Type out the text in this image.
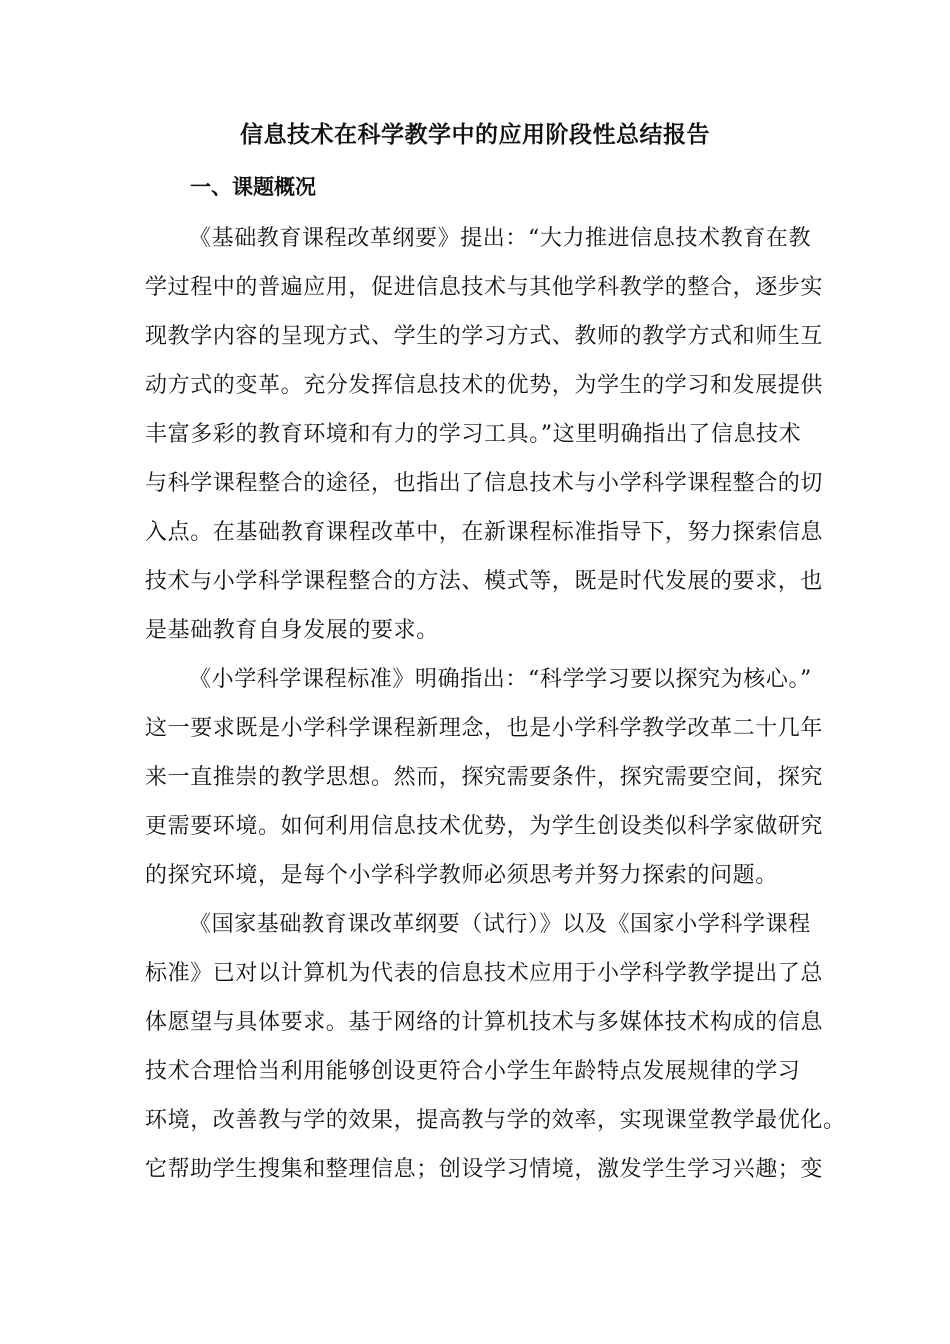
信息技术在科学教学中的应用阶段性总结报告
一、课题概况
《基础教育课程改革纲要》提出：“大力推进信息技术教育在教
学过程中的普遍应用，促进信息技术与其他学科教学的整合，逐步实
现教学内容的呈现方式、学生的学习方式、教师的教学方式和师生互
动方式的变革。充分发挥信息技术的优势，为学生的学习和发展提供
丰富多彩的教育环境和有力的学习工具。”这里明确指出了信息技术
与科学课程整合的途径，也指出了信息技术与小学科学课程整合的切
入点。在基础教育课程改革中，在新课程标准指导下，努力探索信息
技术与小学科学课程整合的方法、模式等，既是时代发展的要求，也
是基础教育自身发展的要求。
《小学科学课程标准》明确指出：“科学学习要以探究为核心。”
这一要求既是小学科学课程新理念，也是小学科学教学改革二十几年
来一直推崇的教学思想。然而，探究需要条件，探究需要空间，探究
更需要环境。如何利用信息技术优势，为学生创设类似科学家做研究
的探究环境，是每个小学科学教师必须思考并努力探索的问题。
《国家基础教育课改革纲要（试行）》以及《国家小学科学课程
标准》已对以计算机为代表的信息技术应用于小学科学教学提出了总
体愿望与具体要求。基于网络的计算机技术与多媒体技术构成的信息
技术合理恰当利用能够创设更符合小学生年龄特点发展规律的学习
环境，改善教与学的效果，提高教与学的效率，实现课堂教学最优化。
它帮助学生搜集和整理信息；创设学习情境，激发学生学习兴趣；变
